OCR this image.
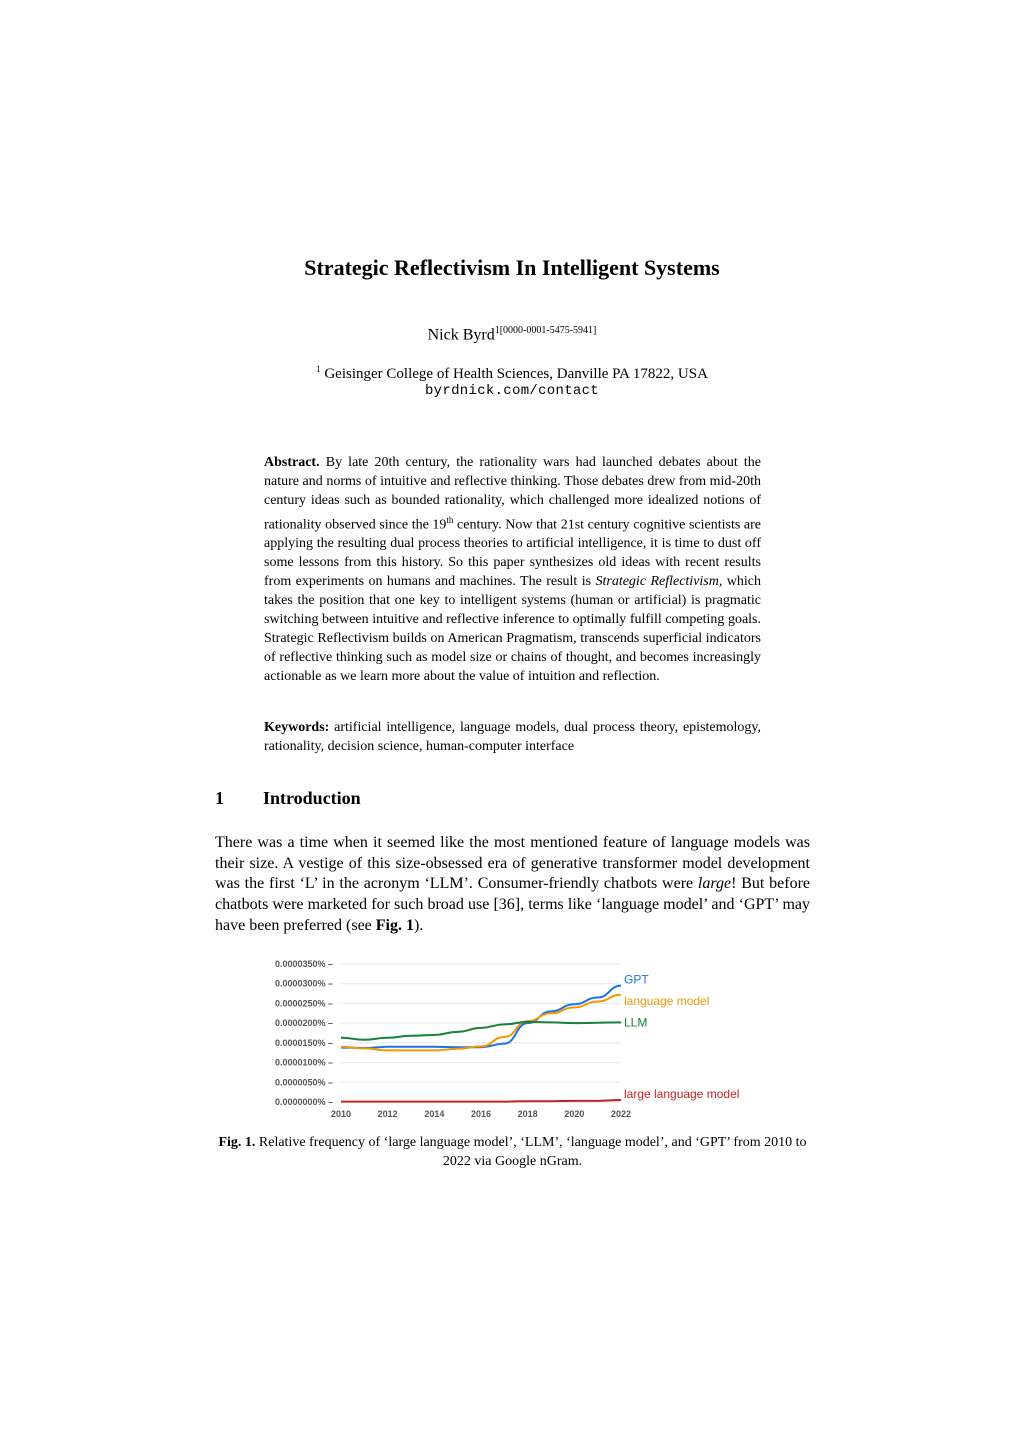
Strategic Reflectivism In Intelligent Systems
Nick Byrd$^{1[0000-0001-5475-5941]}$
$^1$ Geisinger College of Health Sciences, Danville PA 17822, USA
byrdnick.com/contact
Abstract. By late 20th century, the rationality wars had launched debates about the nature and norms of intuitive and reflective thinking. Those debates drew from mid-20th century ideas such as bounded rationality, which challenged more idealized notions of rationality observed since the 19th century. Now that 21st century cognitive scientists are applying the resulting dual process theories to artificial intelligence, it is time to dust off some lessons from this history. So this paper synthesizes old ideas with recent results from experiments on humans and machines. The result is Strategic Reflectivism, which takes the position that one key to intelligent systems (human or artificial) is pragmatic switching between intuitive and reflective inference to optimally fulfill competing goals. Strategic Reflectivism builds on American Pragmatism, transcends superficial indicators of reflective thinking such as model size or chains of thought, and becomes increasingly actionable as we learn more about the value of intuition and reflection.
Keywords: artificial intelligence, language models, dual process theory, epistemology, rationality, decision science, human-computer interface
1 Introduction
There was a time when it seemed like the most mentioned feature of language models was their size. A vestige of this size-obsessed era of generative transformer model development was the first ‘L’ in the acronym ‘LLM’. Consumer-friendly chatbots were large! But before chatbots were marketed for such broad use [36], terms like ‘language model’ and ‘GPT’ may have been preferred (see Fig. 1).
0.0000000% –
0.0000050% –
0.0000100% –
0.0000150% –
0.0000200% –
0.0000250% –
0.0000300% –
0.0000350% –
2010	2012	2014	2016	2018	2020	2022
GPT
language model
LLM
large language model
Fig. 1. Relative frequency of ‘large language model’, ‘LLM’, ‘language model’, and ‘GPT’ from 2010 to 2022 via Google nGram.
